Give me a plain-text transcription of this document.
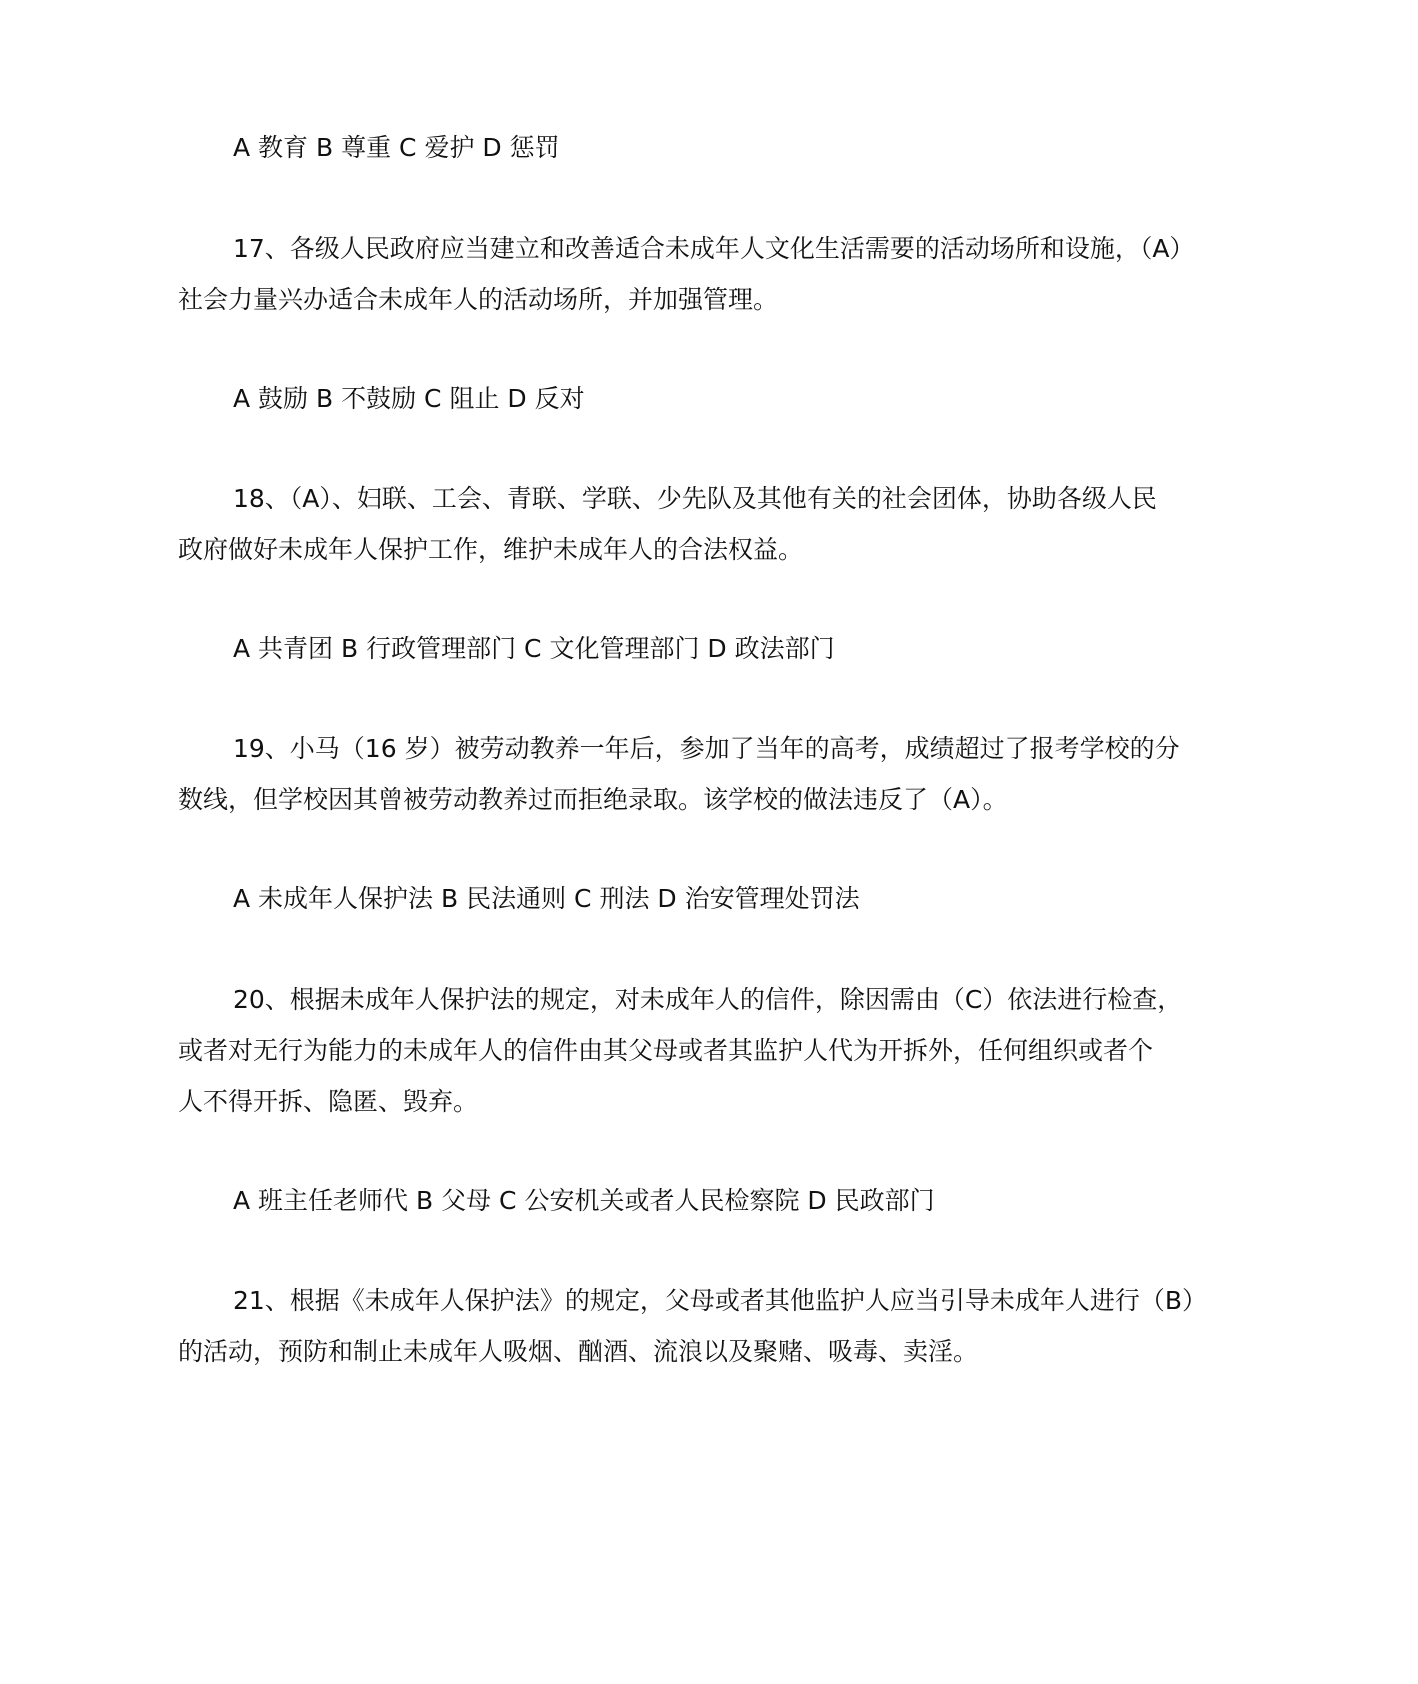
A 教育 B 尊重 C 爱护 D 惩罚
17、各级人民政府应当建立和改善适合未成年人文化生活需要的活动场所和设施，（A）
社会力量兴办适合未成年人的活动场所，并加强管理。
A 鼓励 B 不鼓励 C 阻止 D 反对
18、（A）、妇联、工会、青联、学联、少先队及其他有关的社会团体，协助各级人民
政府做好未成年人保护工作，维护未成年人的合法权益。
A 共青团 B 行政管理部门 C 文化管理部门 D 政法部门
19、小马（16 岁）被劳动教养一年后，参加了当年的高考，成绩超过了报考学校的分
数线，但学校因其曾被劳动教养过而拒绝录取。该学校的做法违反了（A）。
A 未成年人保护法 B 民法通则 C 刑法 D 治安管理处罚法
20、根据未成年人保护法的规定，对未成年人的信件，除因需由（C）依法进行检查，
或者对无行为能力的未成年人的信件由其父母或者其监护人代为开拆外，任何组织或者个
人不得开拆、隐匿、毁弃。
A 班主任老师代 B 父母 C 公安机关或者人民检察院 D 民政部门
21、根据《未成年人保护法》的规定，父母或者其他监护人应当引导未成年人进行（B）
的活动，预防和制止未成年人吸烟、酗酒、流浪以及聚赌、吸毒、卖淫。
